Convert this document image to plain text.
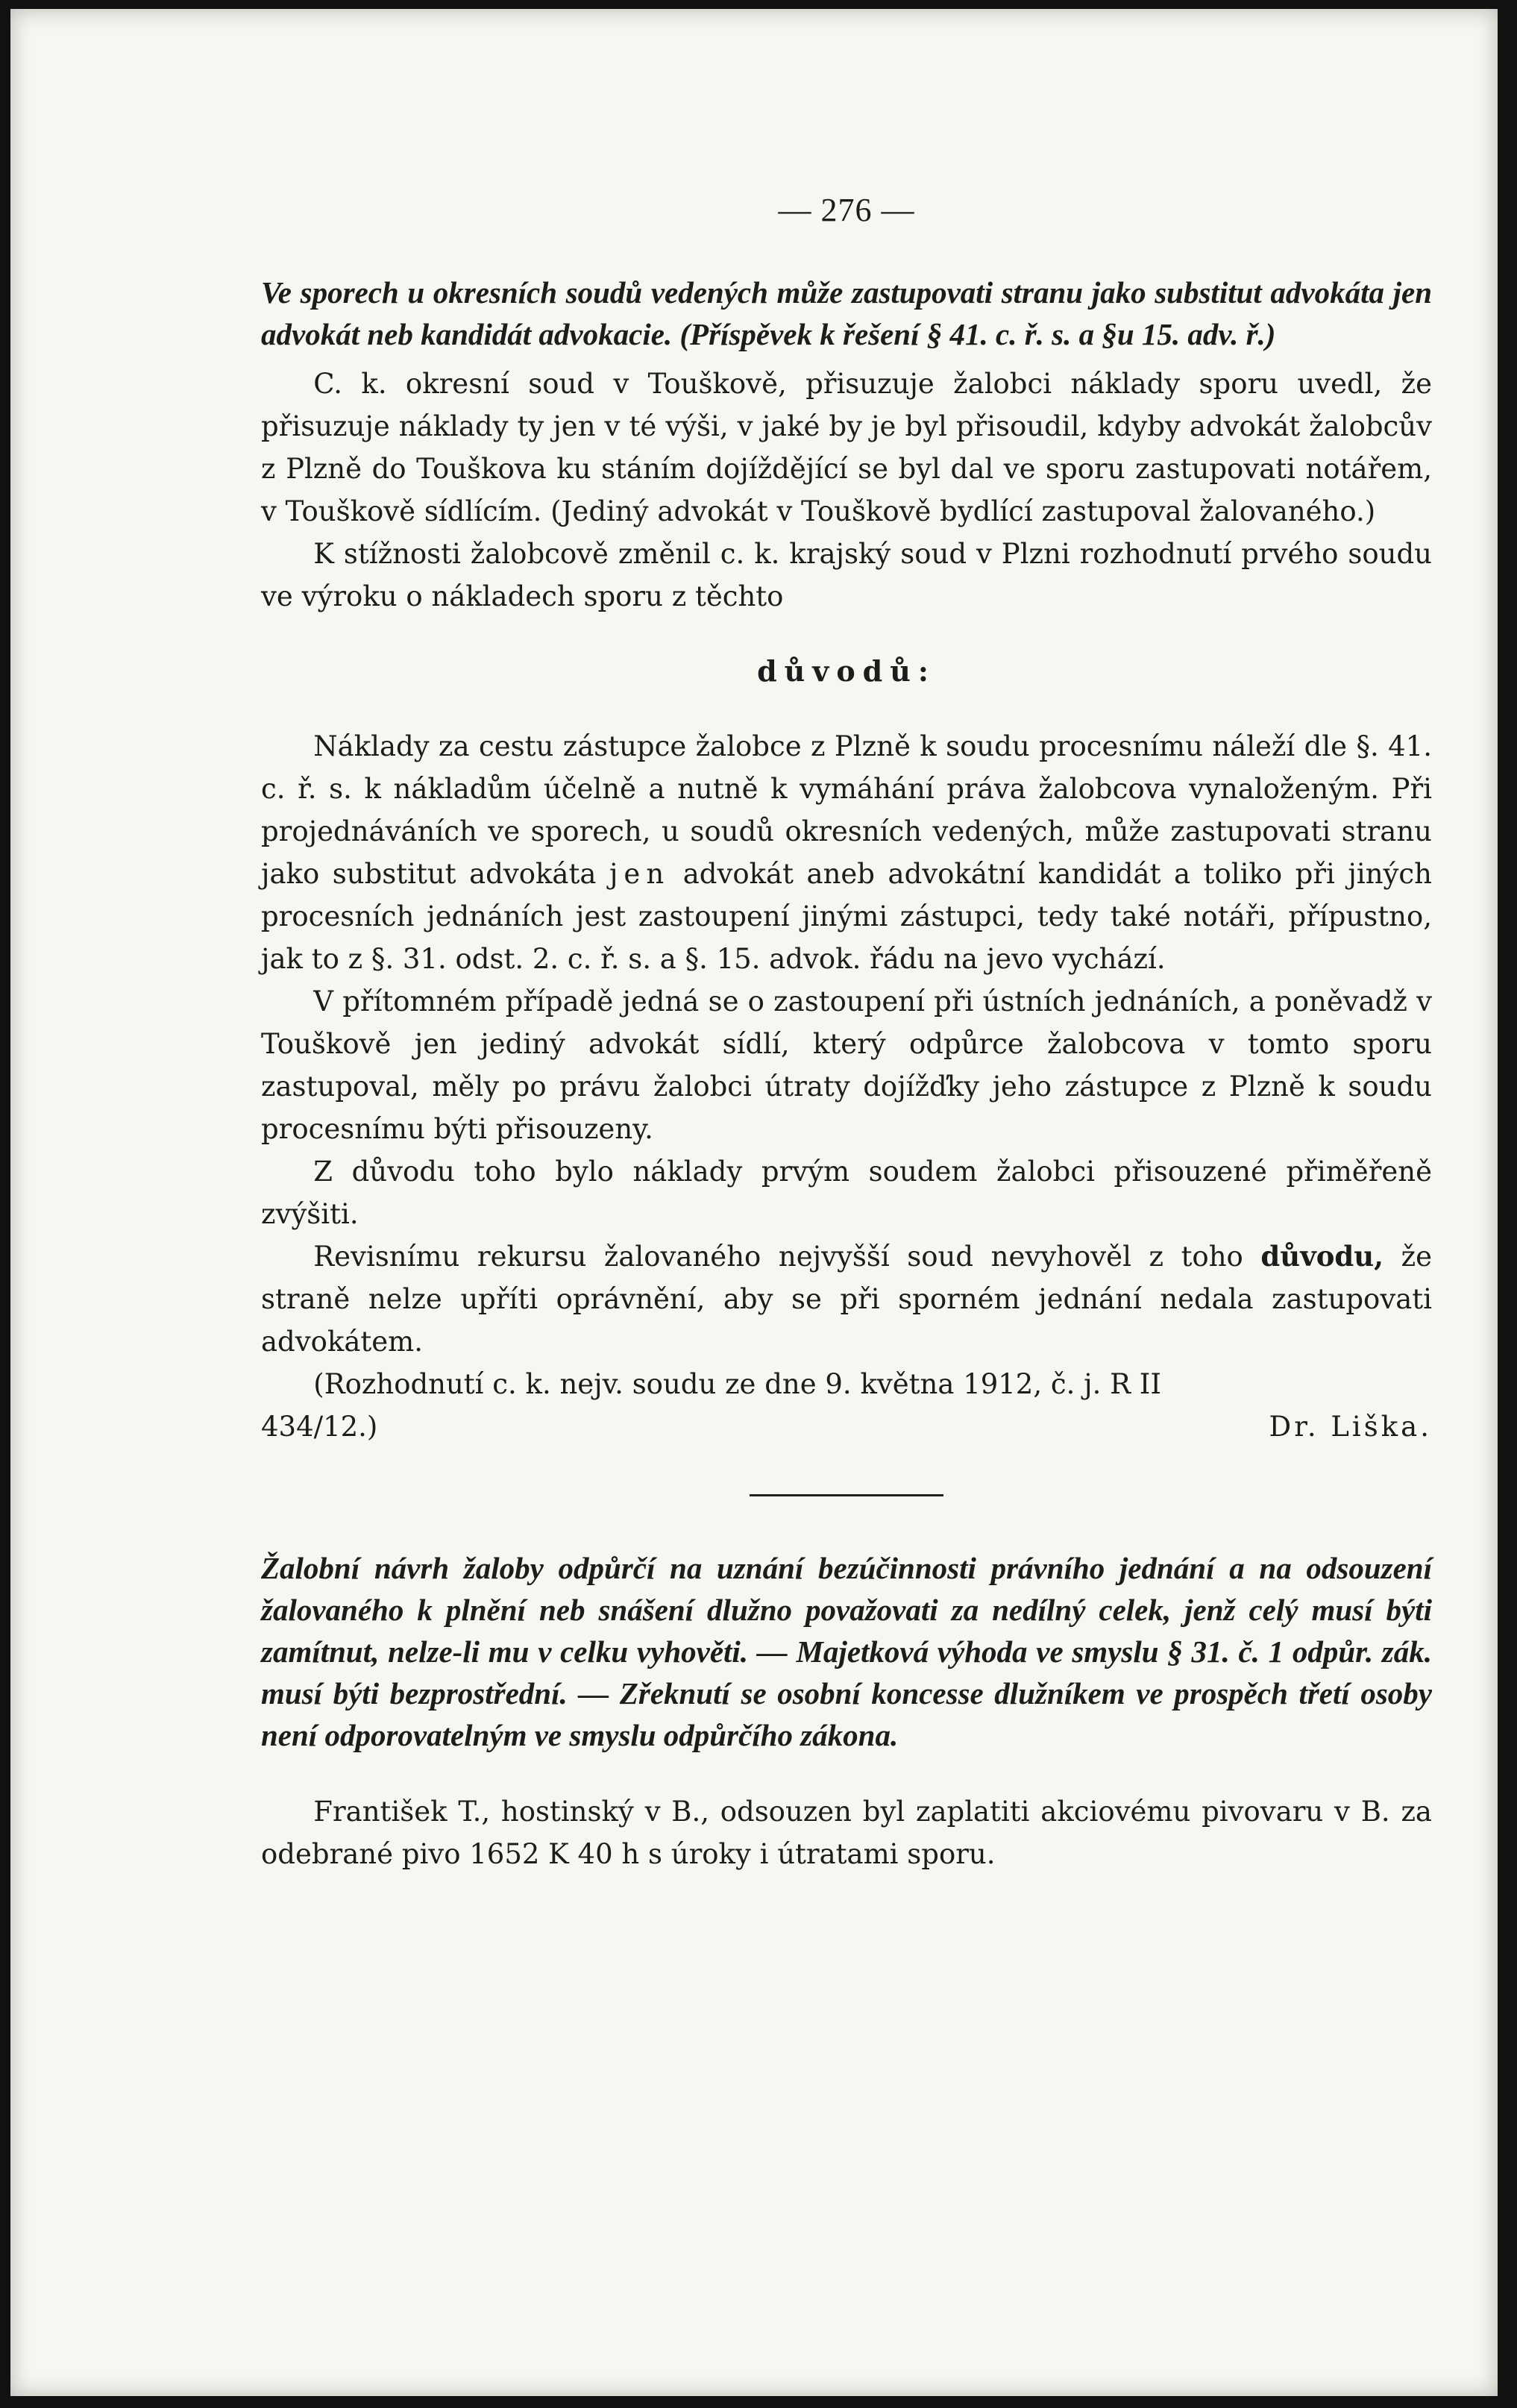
— 276 —
Ve sporech u okresních soudů vedených může zastupovati stranu jako substitut advokáta jen advokát neb kandidát advokacie. (Příspěvek k řešení § 41. c. ř. s. a §u 15. adv. ř.)

C. k. okresní soud v Touškově, přisuzuje žalobci náklady sporu uvedl, že přisuzuje náklady ty jen v té výši, v jaké by je byl přisoudil, kdyby advokát žalobcův z Plzně do Touškova ku stáním dojíždějící se byl dal ve sporu zastupovati notářem, v Touškově sídlícím. (Jediný advokát v Touškově bydlící zastupoval žalovaného.)

K stížnosti žalobcově změnil c. k. krajský soud v Plzni rozhodnutí prvého soudu ve výroku o nákladech sporu z těchto

důvodů:

Náklady za cestu zástupce žalobce z Plzně k soudu procesnímu náleží dle §. 41. c. ř. s. k nákladům účelně a nutně k vymáhání práva žalobcova vynaloženým. Při projednáváních ve sporech, u soudů okresních vedených, může zastupovati stranu jako substitut advokáta jen advokát aneb advokátní kandidát a toliko při jiných procesních jednáních jest zastoupení jinými zástupci, tedy také notáři, přípustno, jak to z §. 31. odst. 2. c. ř. s. a §. 15. advok. řádu na jevo vychází.

V přítomném případě jedná se o zastoupení při ústních jednáních, a poněvadž v Touškově jen jediný advokát sídlí, který odpůrce žalobcova v tomto sporu zastupoval, měly po právu žalobci útraty dojížďky jeho zástupce z Plzně k soudu procesnímu býti přisouzeny.

Z důvodu toho bylo náklady prvým soudem žalobci přisouzené přiměřeně zvýšiti.

Revisnímu rekursu žalovaného nejvyšší soud nevyhověl z toho důvodu, že straně nelze upříti oprávnění, aby se při sporném jednání nedala zastupovati advokátem.

(Rozhodnutí c. k. nejv. soudu ze dne 9. května 1912, č. j. R II

434/12.)	Dr. Liška.

Žalobní návrh žaloby odpůrčí na uznání bezúčinnosti právního jednání a na odsouzení žalovaného k plnění neb snášení dlužno považovati za nedílný celek, jenž celý musí býti zamítnut, nelze-li mu v celku vyhověti. — Majetková výhoda ve smyslu § 31. č. 1 odpůr. zák. musí býti bezprostřední. — Zřeknutí se osobní koncesse dlužníkem ve prospěch třetí osoby není odporovatelným ve smyslu odpůrčího zákona.

František T., hostinský v B., odsouzen byl zaplatiti akciovému pivovaru v B. za odebrané pivo 1652 K 40 h s úroky i útratami sporu.
